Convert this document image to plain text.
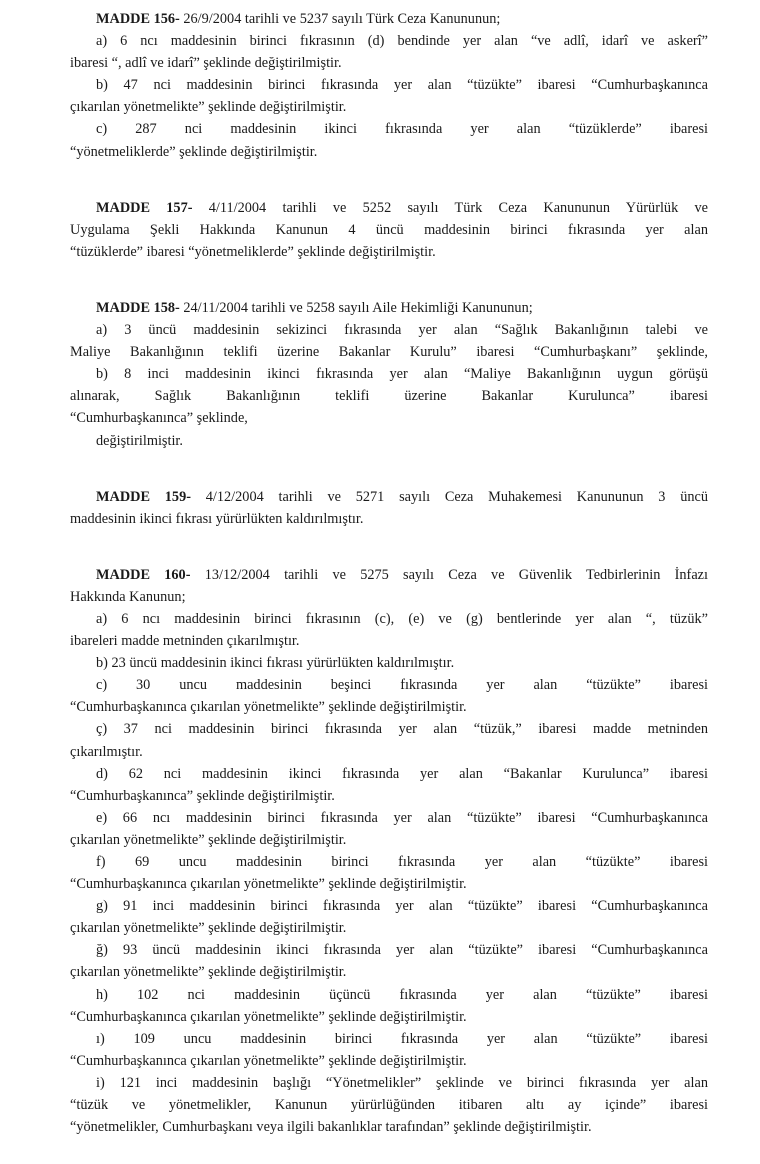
MADDE 156- 26/9/2004 tarihli ve 5237 sayılı Türk Ceza Kanununun;
a) 6 ncı maddesinin birinci fıkrasının (d) bendinde yer alan “ve adlî, idarî ve askerî”
ibaresi “, adlî ve idarî” şeklinde değiştirilmiştir.
b) 47 nci maddesinin birinci fıkrasında yer alan “tüzükte” ibaresi “Cumhurbaşkanınca
çıkarılan yönetmelikte” şeklinde değiştirilmiştir.
c) 287 nci maddesinin ikinci fıkrasında yer alan “tüzüklerde” ibaresi
“yönetmeliklerde” şeklinde değiştirilmiştir.
MADDE 157- 4/11/2004 tarihli ve 5252 sayılı Türk Ceza Kanununun Yürürlük ve
Uygulama Şekli Hakkında Kanunun 4 üncü maddesinin birinci fıkrasında yer alan
“tüzüklerde” ibaresi “yönetmeliklerde” şeklinde değiştirilmiştir.
MADDE 158- 24/11/2004 tarihli ve 5258 sayılı Aile Hekimliği Kanununun;
a) 3 üncü maddesinin sekizinci fıkrasında yer alan “Sağlık Bakanlığının talebi ve
Maliye Bakanlığının teklifi üzerine Bakanlar Kurulu” ibaresi “Cumhurbaşkanı” şeklinde,
b) 8 inci maddesinin ikinci fıkrasında yer alan “Maliye Bakanlığının uygun görüşü
alınarak, Sağlık Bakanlığının teklifi üzerine Bakanlar Kurulunca” ibaresi
“Cumhurbaşkanınca” şeklinde,
değiştirilmiştir.
MADDE 159- 4/12/2004 tarihli ve 5271 sayılı Ceza Muhakemesi Kanununun 3 üncü
maddesinin ikinci fıkrası yürürlükten kaldırılmıştır.
MADDE 160- 13/12/2004 tarihli ve 5275 sayılı Ceza ve Güvenlik Tedbirlerinin İnfazı
Hakkında Kanunun;
a) 6 ncı maddesinin birinci fıkrasının (c), (e) ve (g) bentlerinde yer alan “, tüzük”
ibareleri madde metninden çıkarılmıştır.
b) 23 üncü maddesinin ikinci fıkrası yürürlükten kaldırılmıştır.
c) 30 uncu maddesinin beşinci fıkrasında yer alan “tüzükte” ibaresi
“Cumhurbaşkanınca çıkarılan yönetmelikte” şeklinde değiştirilmiştir.
ç) 37 nci maddesinin birinci fıkrasında yer alan “tüzük,” ibaresi madde metninden
çıkarılmıştır.
d) 62 nci maddesinin ikinci fıkrasında yer alan “Bakanlar Kurulunca” ibaresi
“Cumhurbaşkanınca” şeklinde değiştirilmiştir.
e) 66 ncı maddesinin birinci fıkrasında yer alan “tüzükte” ibaresi “Cumhurbaşkanınca
çıkarılan yönetmelikte” şeklinde değiştirilmiştir.
f) 69 uncu maddesinin birinci fıkrasında yer alan “tüzükte” ibaresi
“Cumhurbaşkanınca çıkarılan yönetmelikte” şeklinde değiştirilmiştir.
g) 91 inci maddesinin birinci fıkrasında yer alan “tüzükte” ibaresi “Cumhurbaşkanınca
çıkarılan yönetmelikte” şeklinde değiştirilmiştir.
ğ) 93 üncü maddesinin ikinci fıkrasında yer alan “tüzükte” ibaresi “Cumhurbaşkanınca
çıkarılan yönetmelikte” şeklinde değiştirilmiştir.
h) 102 nci maddesinin üçüncü fıkrasında yer alan “tüzükte” ibaresi
“Cumhurbaşkanınca çıkarılan yönetmelikte” şeklinde değiştirilmiştir.
ı) 109 uncu maddesinin birinci fıkrasında yer alan “tüzükte” ibaresi
“Cumhurbaşkanınca çıkarılan yönetmelikte” şeklinde değiştirilmiştir.
i) 121 inci maddesinin başlığı “Yönetmelikler” şeklinde ve birinci fıkrasında yer alan
“tüzük ve yönetmelikler, Kanunun yürürlüğünden itibaren altı ay içinde” ibaresi
“yönetmelikler, Cumhurbaşkanı veya ilgili bakanlıklar tarafından” şeklinde değiştirilmiştir.
